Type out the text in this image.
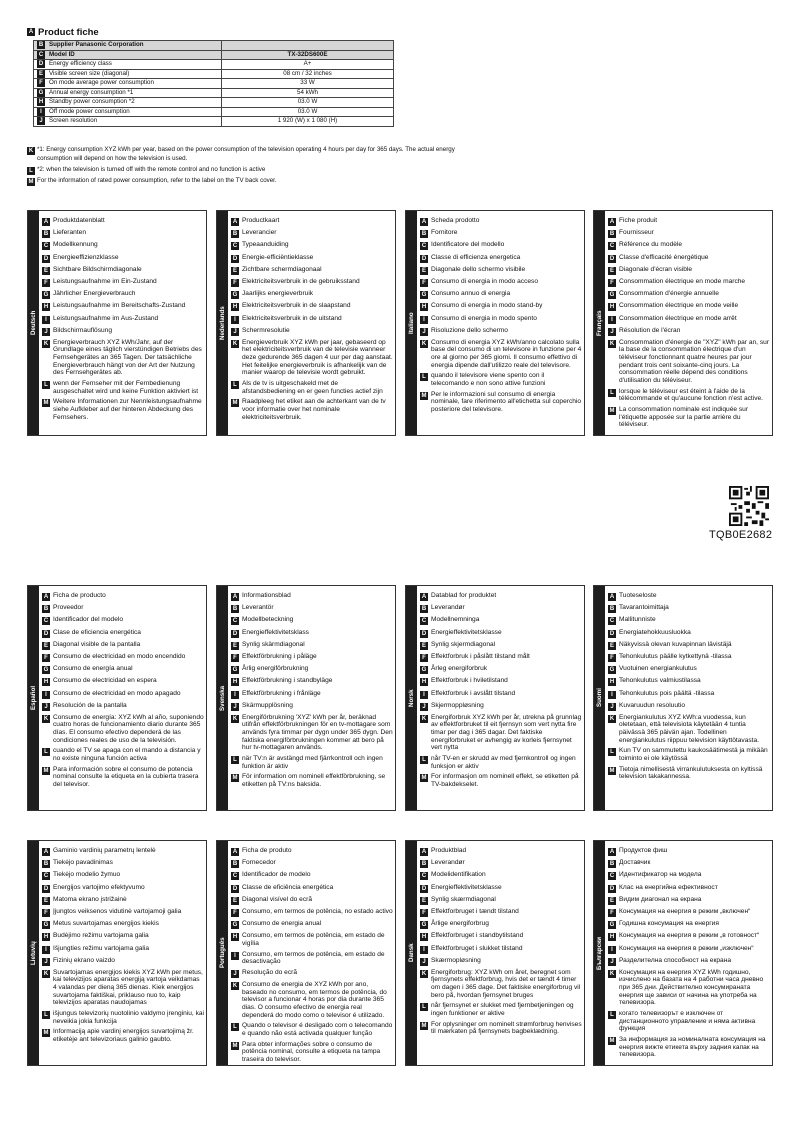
A Product fiche
B Supplier Panasonic Corporation	
C Model ID	TX-32DS600E
D Energy efficiency class	A+
E Visible screen size (diagonal)	08 cm / 32 inches
F On mode average power consumption	33 W
G Annual energy consumption *1	54 kWh
H Standby power consumption *2	03.0 W
I Off mode power consumption	03.0 W
J Screen resolution	1 920 (W) x 1 080 (H)
K *1: Energy consumption XYZ kWh per year, based on the power consumption of the television operating 4 hours per day for 365 days. The actual energy
consumption will depend on how the television is used.
L *2: when the television is turned off with the remote control and no function is active
M For the information of rated power consumption, refer to the label on the TV back cover.
Deutsch
A Produktdatenblatt
B Lieferanten
C Modellkennung
D Energieeffizienzklasse
E Sichtbare Bildschirmdiagonale
F Leistungsaufnahme im Ein-Zustand
G Jährlicher Energieverbrauch
H Leistungsaufnahme im Bereitschafts-Zustand
I Leistungsaufnahme im Aus-Zustand
J Bildschirmauflösung
K Energieverbrauch XYZ kWh/Jahr, auf der Grundlage eines täglich vierstündigen Betriebs des Fernsehgerätes an 365 Tagen. Der tatsächliche Energieverbrauch hängt von der Art der Nutzung des Fernsehgerätes ab.
L wenn der Fernseher mit der Fernbedienung ausgeschaltet wird und keine Funktion aktiviert ist
M Weitere Informationen zur Nennleistungsaufnahme siehe Aufkleber auf der hinteren Abdeckung des Fernsehers.
Nederlands
A Productkaart
B Leverancier
C Typeaanduiding
D Energie-efficiëntieklasse
E Zichtbare schermdiagonaal
F Elektriciteitsverbruik in de gebruiksstand
G Jaarlijks energieverbruik
H Elektriciteitsverbruik in de slaapstand
I Elektriciteitsverbruik in de uitstand
J Schermresolutie
K Energieverbruik XYZ kWh per jaar, gebaseerd op het elektriciteitsverbruik van de televisie wanneer deze gedurende 365 dagen 4 uur per dag aanstaat. Het feitelijke energieverbruik is afhankelijk van de manier waarop de televisie wordt gebruikt.
L Als de tv is uitgeschakeld met de afstandsbediening en er geen functies actief zijn
M Raadpleeg het etiket aan de achterkant van de tv voor informatie over het nominale elektriciteitsverbruik.
Italiano
A Scheda prodotto
B Fornitore
C Identificatore del modello
D Classe di efficienza energetica
E Diagonale dello schermo visibile
F Consumo di energia in modo acceso
G Consumo annuo di energia
H Consumo di energia in modo stand-by
I Consumo di energia in modo spento
J Risoluzione dello schermo
K Consumo di energia XYZ kWh/anno calcolato sulla base del consumo di un televisore in funzione per 4 ore al giorno per 365 giorni. Il consumo effettivo di energia dipende dall'utilizzo reale del televisore.
L quando il televisore viene spento con il telecomando e non sono attive funzioni
M Per le informazioni sul consumo di energia nominale, fare riferimento all'etichetta sul coperchio posteriore del televisore.
Français
A Fiche produit
B Fournisseur
C Référence du modèle
D Classe d'efficacité énergétique
E Diagonale d'écran visible
F Consommation électrique en mode marche
G Consommation d'énergie annuelle
H Consommation électrique en mode veille
I Consommation électrique en mode arrêt
J Résolution de l'écran
K Consommation d'énergie de "XYZ" kWh par an, sur la base de la consommation électrique d'un téléviseur fonctionnant quatre heures par jour pendant trois cent soixante-cinq jours. La consommation réelle dépend des conditions d'utilisation du téléviseur.
L lorsque le téléviseur est éteint à l'aide de la télécommande et qu'aucune fonction n'est active.
M La consommation nominale est indiquée sur l'étiquette apposée sur la partie arrière du téléviseur.
Español
A Ficha de producto
B Proveedor
C Identificador del modelo
D Clase de eficiencia energética
E Diagonal visible de la pantalla
F Consumo de electricidad en modo encendido
G Consumo de energía anual
H Consumo de electricidad en espera
I Consumo de electricidad en modo apagado
J Resolución de la pantalla
K Consumo de energía: XYZ kWh al año, suponiendo cuatro horas de funcionamiento diario durante 365 días. El consumo efectivo dependerá de las condiciones reales de uso de la televisión.
L cuando el TV se apaga con el mando a distancia y no existe ninguna función activa
M Para información sobre el consumo de potencia nominal consulte la etiqueta en la cubierta trasera del televisor.
Svenska
A Informationsblad
B Leverantör
C Modellbeteckning
D Energieffektivitetsklass
E Synlig skärmdiagonal
F Effektförbrukning i påläge
G Årlig energiförbrukning
H Effektförbrukning i standbyläge
I Effektförbrukning i frånläge
J Skärmupplösning
K Energiförbrukning 'XYZ' kWh per år, beräknad utifrån effektförbrukningen för en tv-mottagare som används fyra timmar per dygn under 365 dygn. Den faktiska energiförbrukningen kommer att bero på hur tv-mottagaren används.
L när TV:n är avstängd med fjärrkontroll och ingen funktion är aktiv
M För information om nominell effektförbrukning, se etiketten på TV:ns baksida.
Norsk
A Datablad for produktet
B Leverandør
C Modellnemninga
D Energieffektivitetsklasse
E Synlig skjermdiagonal
F Effektforbruk i påslått tilstand målt
G Årleg energiforbruk
H Effektforbruk i hviletilstand
I Effektforbruk i avslått tilstand
J Skjermoppløsning
K Energiforbruk XYZ kWh per år, utrekna på grunnlag av effektforbruket til eit fjernsyn som vert nytta fire timar per dag i 365 dagar. Det faktiske energiforbruket er avhengig av korleis fjernsynet vert nytta
L når TV-en er skrudd av med fjernkontroll og ingen funksjon er aktiv
M For informasjon om nominell effekt, se etiketten på TV-bakdekselet.
Suomi
A Tuoteseloste
B Tavarantoimittaja
C Mallitunniste
D Energiatehokkuusluokka
E Näkyvissä olevan kuvapinnan lävistäjä
F Tehonkulutus päälle kytkettynä -tilassa
G Vuotuinen energiankulutus
H Tehonkulutus valmiustilassa
I Tehonkulutus pois päältä -tilassa
J Kuvaruudun resoluutio
K Energiankulutus XYZ kWh:a vuodessa, kun oletetaan, että televisiota käytetään 4 tuntia päivässä 365 päivän ajan. Todellinen energiankulutus riippuu television käyttötavasta.
L Kun TV on sammutettu kaukosäätimestä ja mikään toiminto ei ole käytössä
M Tietoja nimellisestä virrankulutuksesta on kyltissä television takakannessa.
Lietuvių
A Gaminio vardinių parametrų lentelė
B Tiekėjo pavadinimas
C Tiekėjo modelio žymuo
D Energijos vartojimo efektyvumo
E Matoma ekrano įstrižainė
F Įjungtos veiksenos vidutinė vartojamoji galia
G Metus suvartojamas energijos kiekis
H Budėjimo režimu vartojama galia
I Išjungties režimu vartojama galia
J Fizinių ekrano vaizdo
K Suvartojamas energijos kiekis XYZ kWh per metus, kai televizijos aparatas energiją vartoja veikdamas 4 valandas per dieną 365 dienas. Kiek energijos suvartojama faktiškai, priklauso nuo to, kaip televizijos aparatas naudojamas
L išjungus televizorių nuotolinio valdymo įrenginiu, kai neveikia jokia funkcija
M Informaciją apie vardinį energijos suvartojimą žr. etiketėje ant televizoriaus galinio gaubto.
Português
A Ficha de produto
B Fornecedor
C Identificador de modelo
D Classe de eficiência energética
E Diagonal visível do ecrã
F Consumo, em termos de potência, no estado activo
G Consumo de energia anual
H Consumo, em termos de potência, em estado de vigília
I Consumo, em termos de potência, em estado de desactivação
J Resolução do ecrã
K Consumo de energia de XYZ kWh por ano, baseado no consumo, em termos de potência, do televisor a funcionar 4 horas por dia durante 365 dias. O consumo efectivo de energia real dependerá do modo como o televisor é utilizado.
L Quando o televisor é desligado com o telecomando e quando não está activada qualquer função
M Para obter informações sobre o consumo de potência nominal, consulte a etiqueta na tampa traseira do televisor.
Dansk
A Produktblad
B Leverandør
C Modelidentifikation
D Energieffektivitetsklasse
E Synlig skærmdiagonal
F Effektforbruget i tændt tilstand
G Årlige energiforbrug
H Effektforbruget i standbytilstand
I Effektforbruget i slukket tilstand
J Skærmopløsning
K Energiforbrug: XYZ kWh om året, beregnet som fjernsynets effektforbrug, hvis det er tændt 4 timer om dagen i 365 dage. Det faktiske energiforbrug vil bero på, hvordan fjernsynet bruges
L når fjernsynet er slukket med fjernbetjeningen og ingen funktioner er aktive
M For oplysninger om nominelt strømforbrug henvises til mærkaten på fjernsynets bagbeklædning.
Български
A Продуктов фиш
B Доставчик
C Идентификатор на модела
D Клас на енергийна ефективност
E Видим диагонал на екрана
F Консумация на енергия в режим „включен“
G Годишна консумация на енергия
H Консумация на енергия в режим „в готовност“
I Консумация на енергия в режим „изключен“
J Разделителна способност на екрана
K Консумация на енергия XYZ kWh годишно, изчислено на базата на 4 работни часа дневно при 365 дни. Действително консумираната енергия ще зависи от начина на употреба на телевизора.
L когато телевизорът е изключен от дистанционното управление и няма активна функция
M За информация за номиналната консумация на енергия вижте етикета върху задния капак на телевизора.
TQB0E2682
